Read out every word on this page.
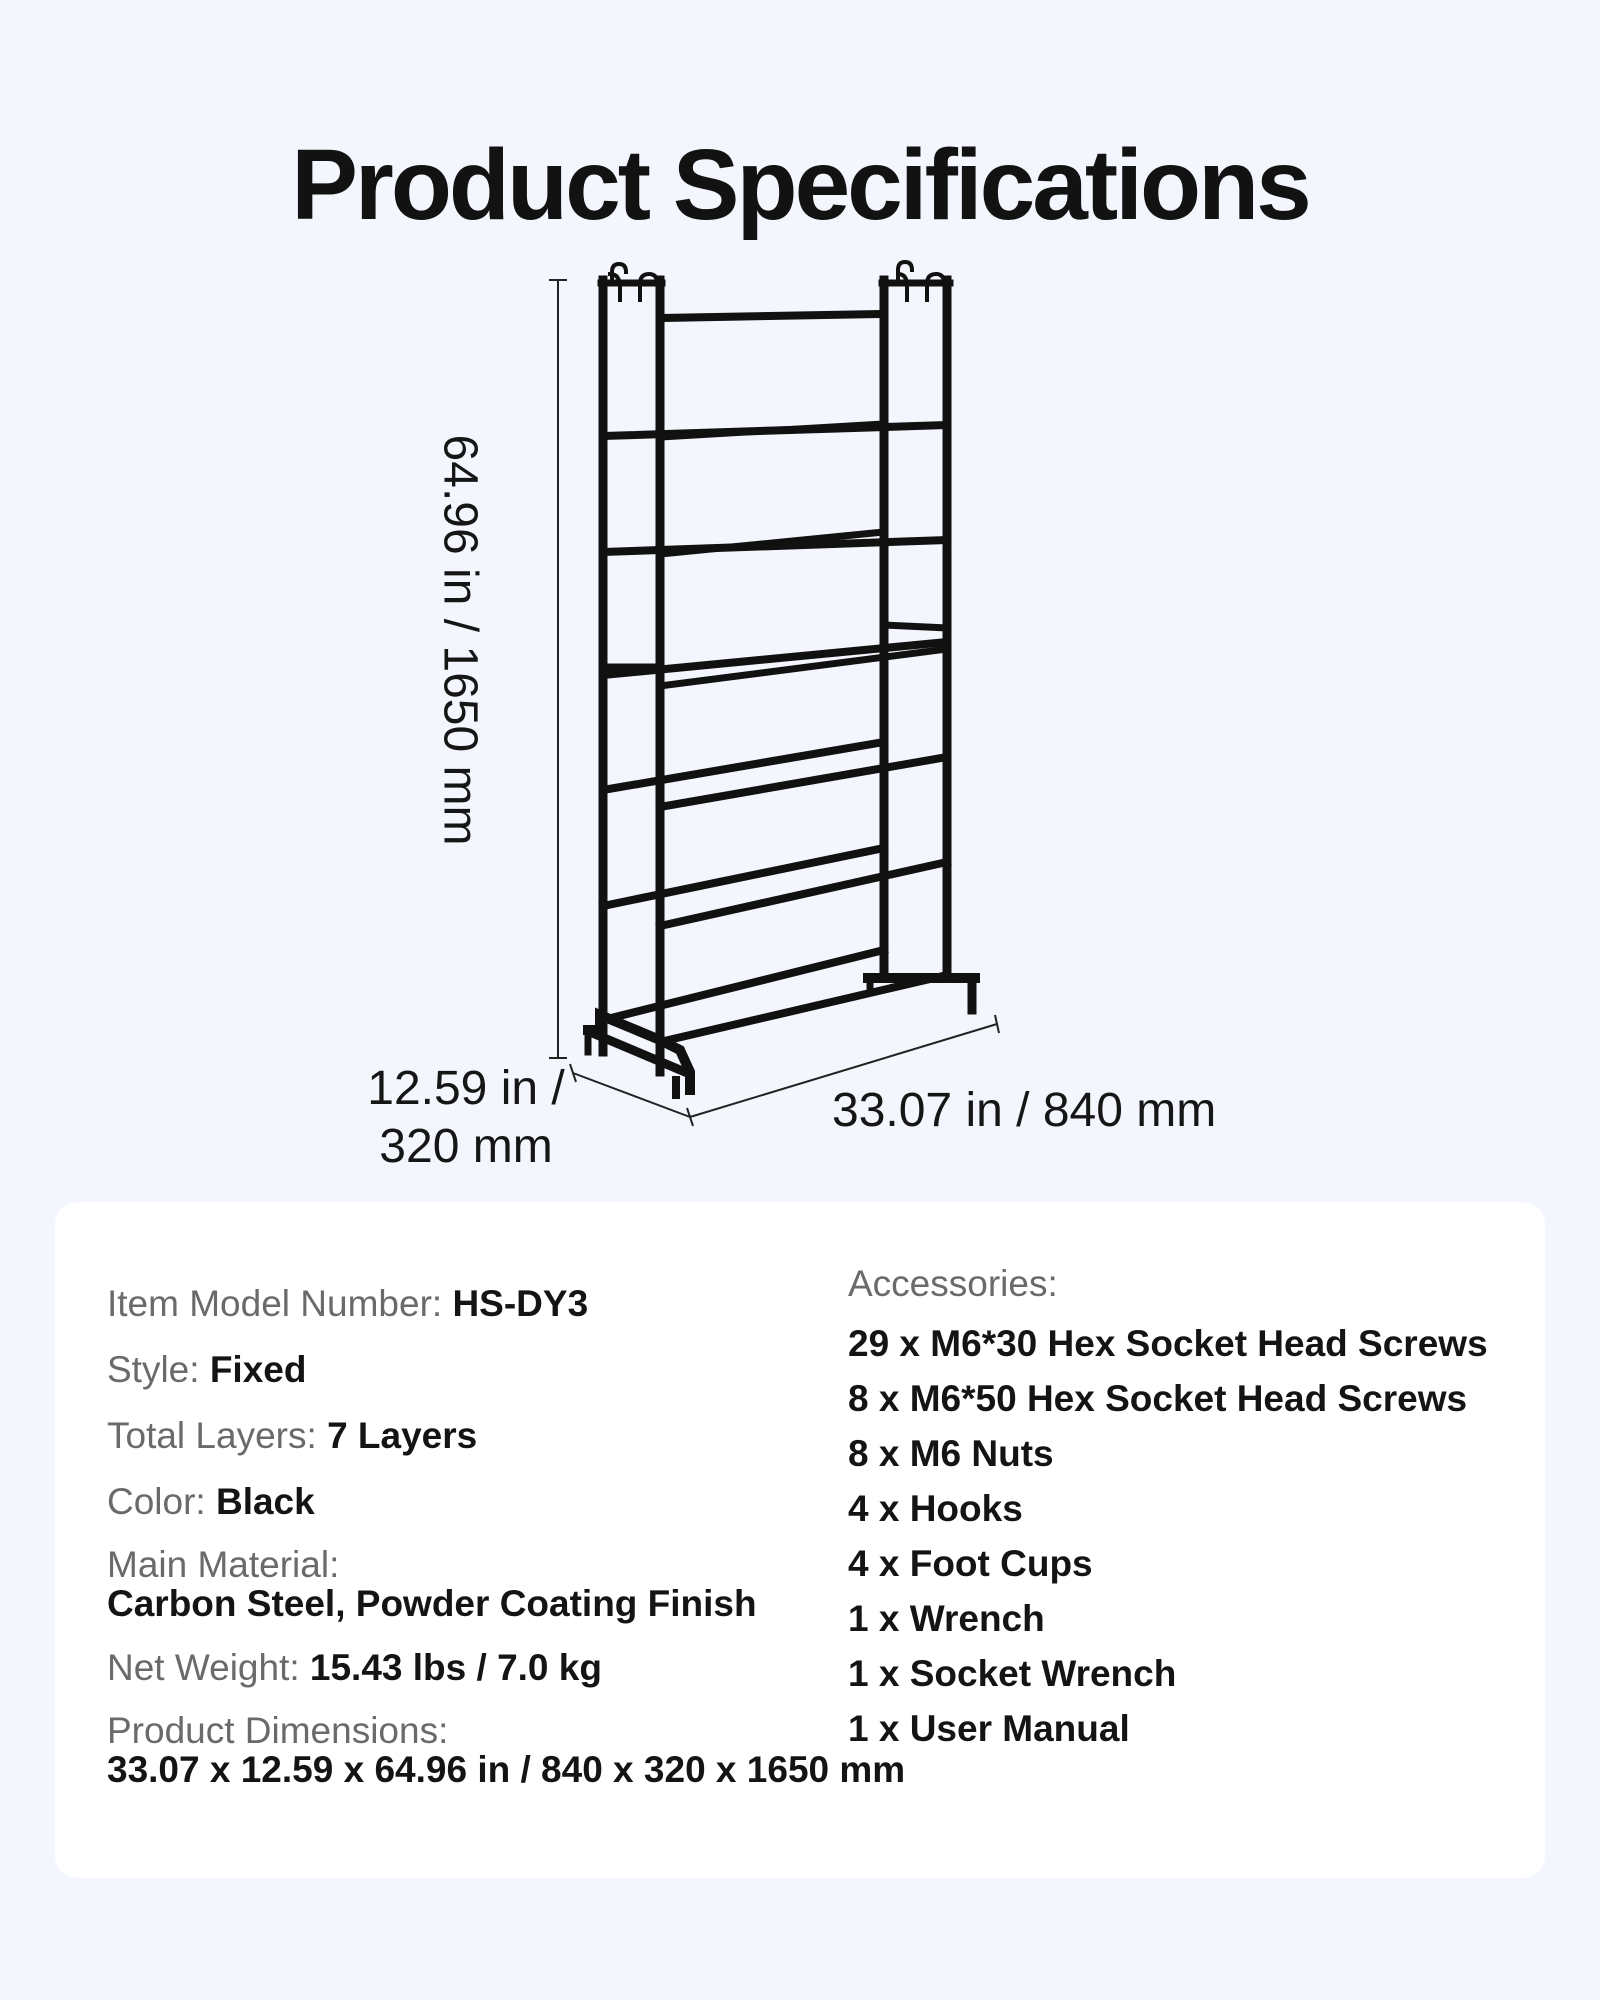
Product Specifications
64.96 in / 1650 mm
12.59 in /
320 mm
33.07 in / 840 mm
Item Model Number: HS-DY3
Style: Fixed
Total Layers: 7 Layers
Color: Black
Main Material:
Carbon Steel, Powder Coating Finish
Net Weight: 15.43 lbs / 7.0 kg
Product Dimensions:
33.07 x 12.59 x 64.96 in / 840 x 320 x 1650 mm
Accessories:
29 x M6*30 Hex Socket Head Screws
8 x M6*50 Hex Socket Head Screws
8 x M6 Nuts
4 x Hooks
4 x Foot Cups
1 x Wrench
1 x Socket Wrench
1 x User Manual
